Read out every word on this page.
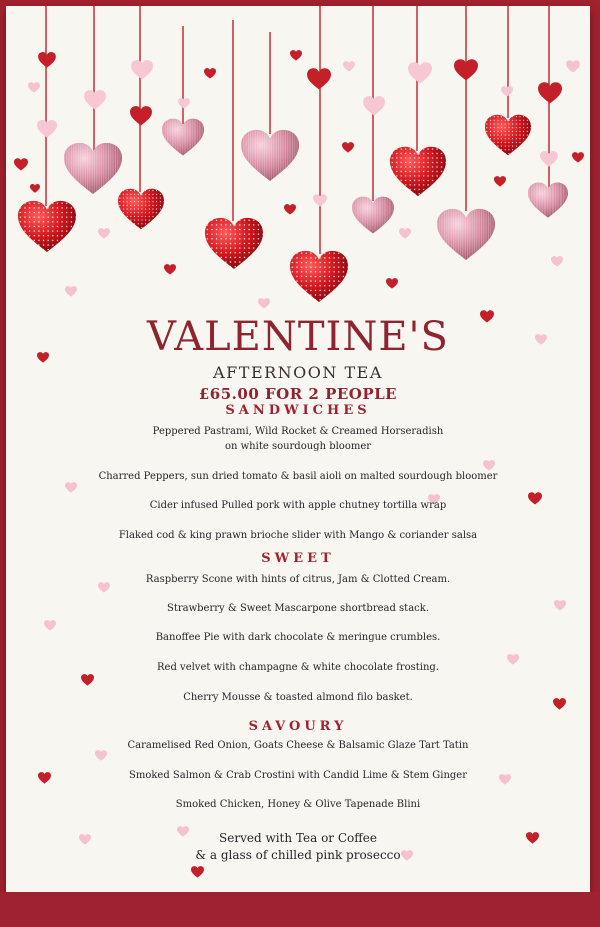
VALENTINE'S
AFTERNOON TEA
£65.00 FOR 2 PEOPLE
SANDWICHES
Peppered Pastrami, Wild Rocket & Creamed Horseradish
on white sourdough bloomer
Charred Peppers, sun dried tomato & basil aioli on malted sourdough bloomer
Cider infused Pulled pork with apple chutney tortilla wrap
Flaked cod & king prawn brioche slider with Mango & coriander salsa
SWEET
Raspberry Scone with hints of citrus, Jam & Clotted Cream.
Strawberry & Sweet Mascarpone shortbread stack.
Banoffee Pie with dark chocolate & meringue crumbles.
Red velvet with champagne & white chocolate frosting.
Cherry Mousse & toasted almond filo basket.
SAVOURY
Caramelised Red Onion, Goats Cheese & Balsamic Glaze Tart Tatin
Smoked Salmon & Crab Crostini with Candid Lime & Stem Ginger
Smoked Chicken, Honey & Olive Tapenade Blini
Served with Tea or Coffee
& a glass of chilled pink prosecco
